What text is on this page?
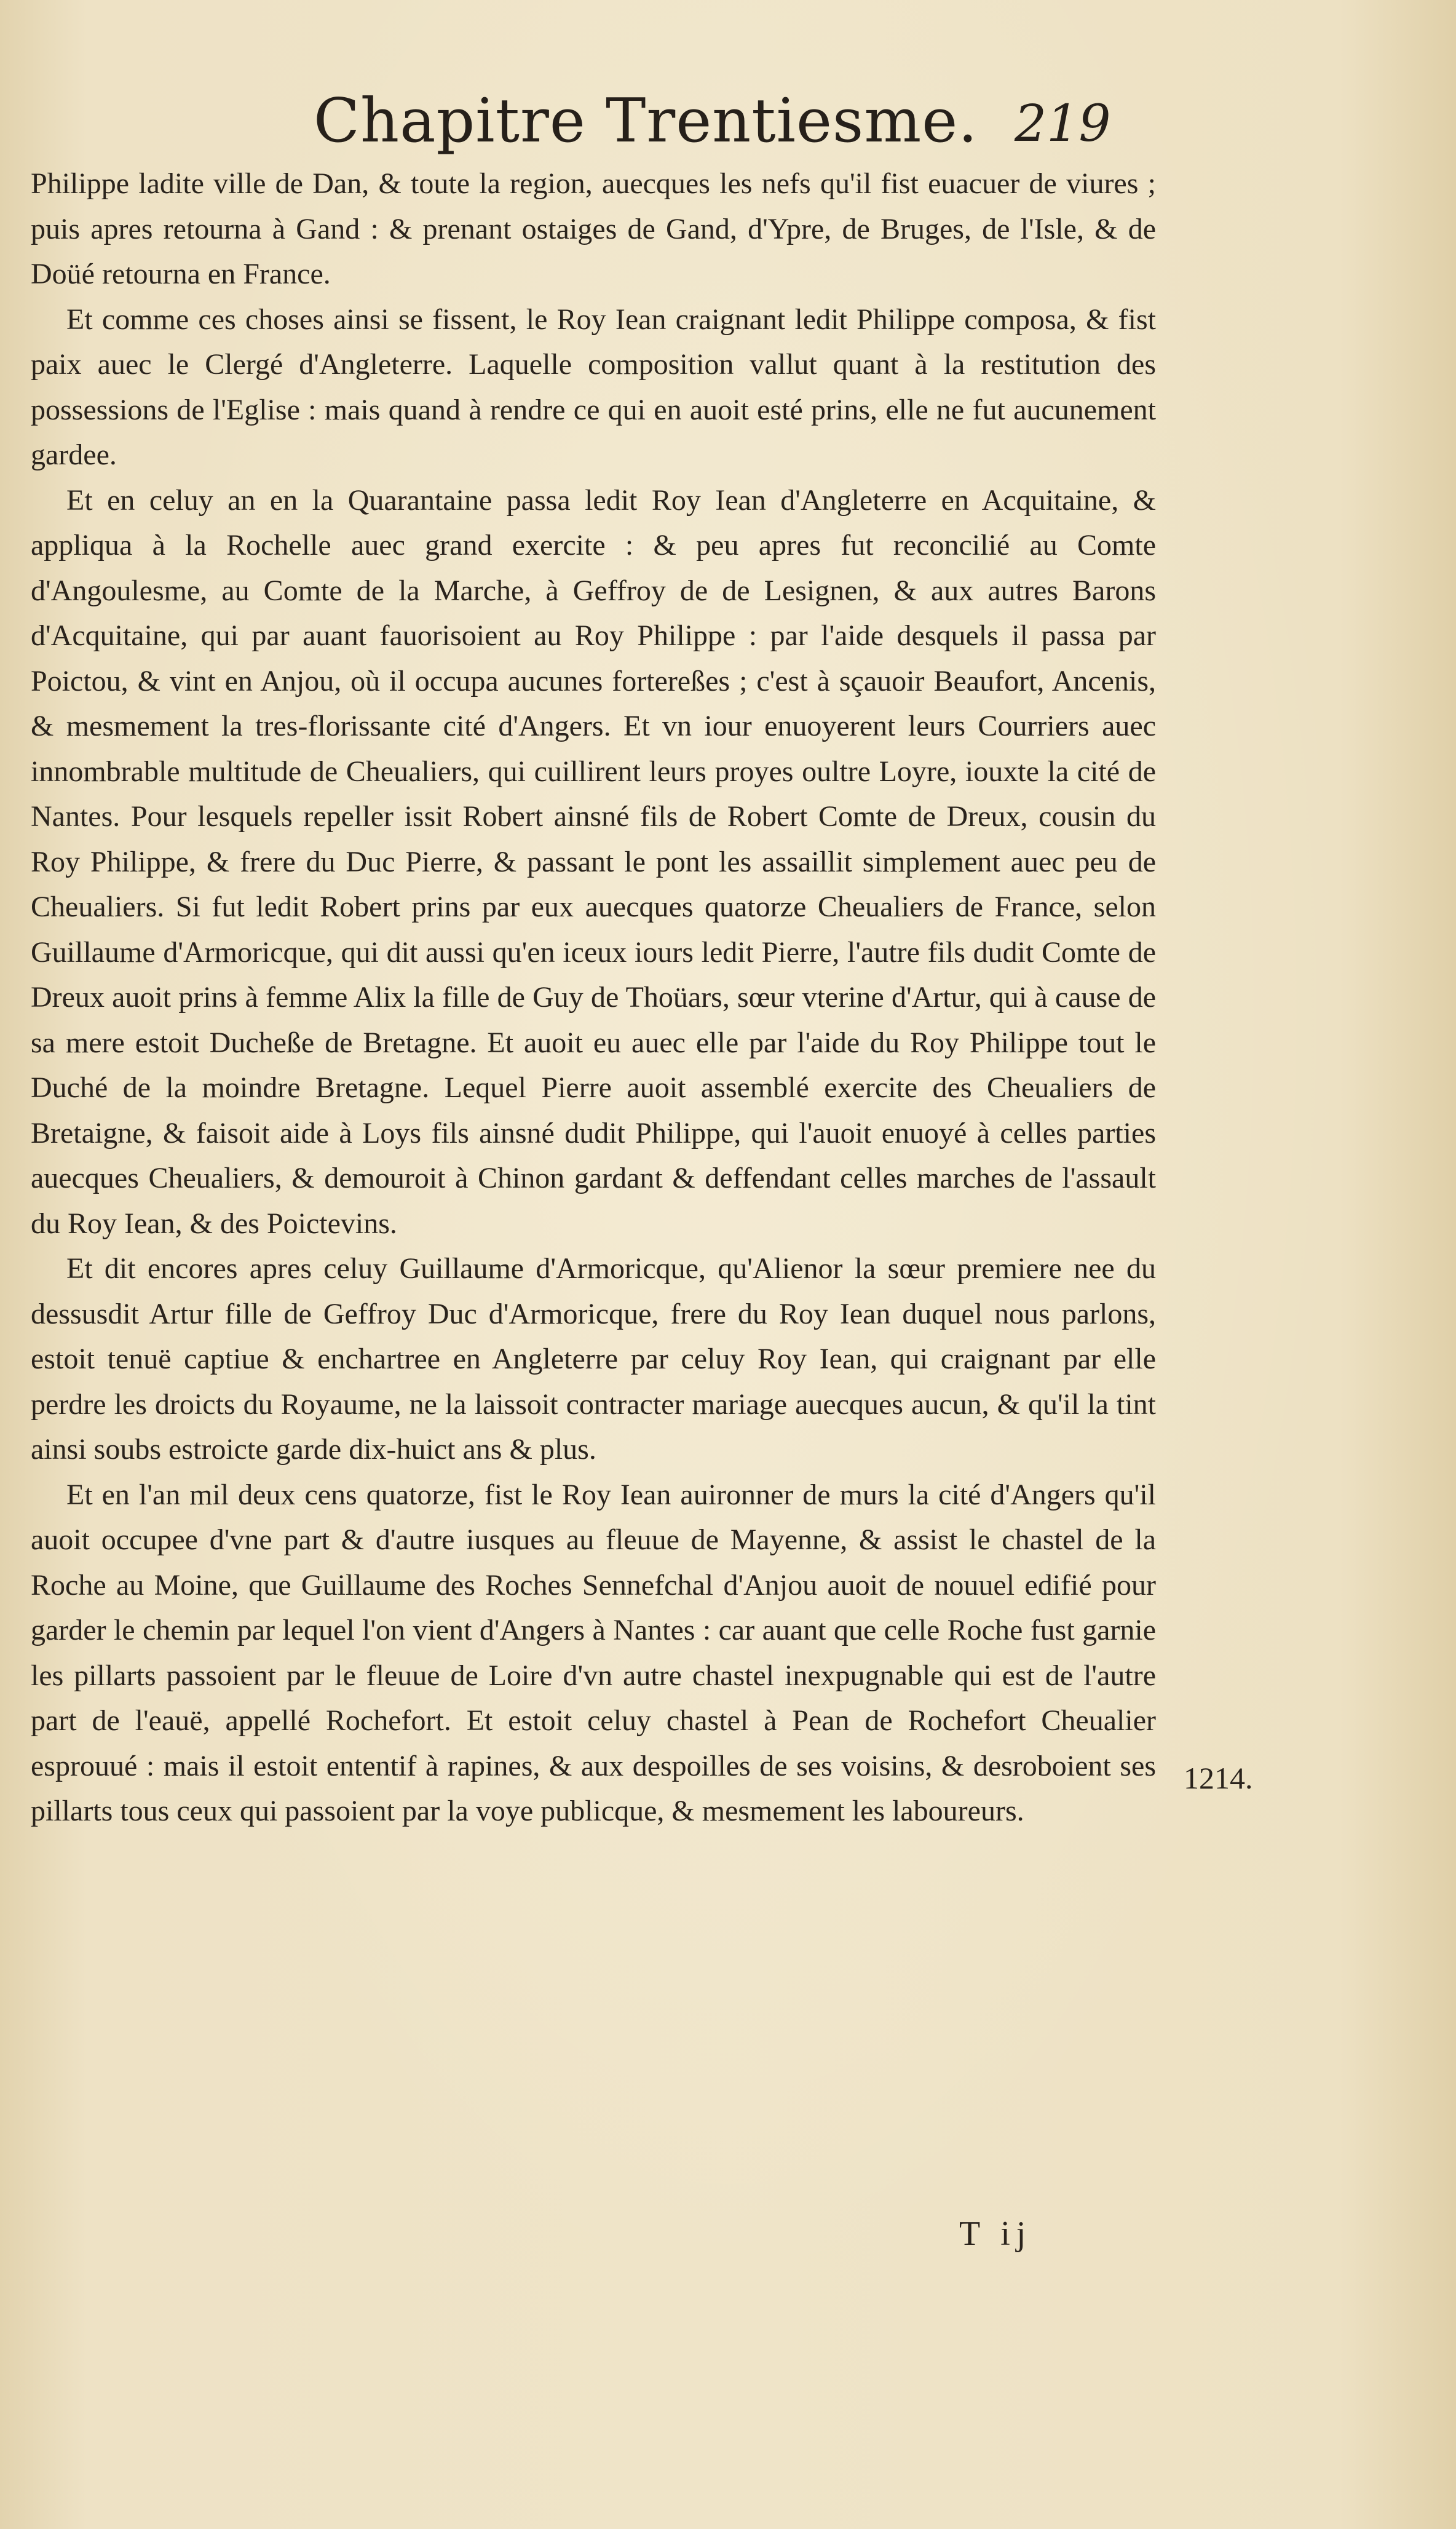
Chapitre Trentiesme. 219

Philippe ladite ville de Dan, & toute la region, auecques les nefs qu'il fist euacuer de viures ; puis apres retourna à Gand : & prenant ostaiges de Gand, d'Ypre, de Bruges, de l'Isle, & de Doüé retourna en France.

Et comme ces choses ainsi se fissent, le Roy Iean craignant ledit Philippe composa, & fist paix auec le Clergé d'Angleterre. Laquelle composition vallut quant à la restitution des possessions de l'Eglise : mais quand à rendre ce qui en auoit esté prins, elle ne fut aucunement gardee.

Et en celuy an en la Quarantaine passa ledit Roy Iean d'Angleterre en Acquitaine, & appliqua à la Rochelle auec grand exercite : & peu apres fut reconcilié au Comte d'Angoulesme, au Comte de la Marche, à Geffroy de de Lesignen, & aux autres Barons d'Acquitaine, qui par auant fauorisoient au Roy Philippe : par l'aide desquels il passa par Poictou, & vint en Anjou, où il occupa aucunes fortereßes ; c'est à sçauoir Beaufort, Ancenis, & mesmement la tres-florissante cité d'Angers. Et vn iour enuoyerent leurs Courriers auec innombrable multitude de Cheualiers, qui cuillirent leurs proyes oultre Loyre, iouxte la cité de Nantes. Pour lesquels repeller issit Robert ainsné fils de Robert Comte de Dreux, cousin du Roy Philippe, & frere du Duc Pierre, & passant le pont les assaillit simplement auec peu de Cheualiers. Si fut ledit Robert prins par eux auecques quatorze Cheualiers de France, selon Guillaume d'Armoricque, qui dit aussi qu'en iceux iours ledit Pierre, l'autre fils dudit Comte de Dreux auoit prins à femme Alix la fille de Guy de Thoüars, sœur vterine d'Artur, qui à cause de sa mere estoit Ducheße de Bretagne. Et auoit eu auec elle par l'aide du Roy Philippe tout le Duché de la moindre Bretagne. Lequel Pierre auoit assemblé exercite des Cheualiers de Bretaigne, & faisoit aide à Loys fils ainsné dudit Philippe, qui l'auoit enuoyé à celles parties auecques Cheualiers, & demouroit à Chinon gardant & deffendant celles marches de l'assault du Roy Iean, & des Poictevins.

Et dit encores apres celuy Guillaume d'Armoricque, qu'Alienor la sœur premiere nee du dessusdit Artur fille de Geffroy Duc d'Armoricque, frere du Roy Iean duquel nous parlons, estoit tenuë captiue & enchartree en Angleterre par celuy Roy Iean, qui craignant par elle perdre les droicts du Royaume, ne la laissoit contracter mariage auecques aucun, & qu'il la tint ainsi soubs estroicte garde dix-huict ans & plus.

Et en l'an mil deux cens quatorze, fist le Roy Iean auironner de murs la cité d'Angers qu'il auoit occupee d'vne part & d'autre iusques au fleuue de Mayenne, & assist le chastel de la Roche au Moine, que Guillaume des Roches Sennefchal d'Anjou auoit de nouuel edifié pour garder le chemin par lequel l'on vient d'Angers à Nantes : car auant que celle Roche fust garnie les pillarts passoient par le fleuue de Loire d'vn autre chastel inexpugnable qui est de l'autre part de l'eauë, appellé Rochefort. Et estoit celuy chastel à Pean de Rochefort Cheualier esprouué : mais il estoit ententif à rapines, & aux despoilles de ses voisins, & desroboient ses pillarts tous ceux qui passoient par la voye publicque, & mesmement les laboureurs.

1214.
T ij
